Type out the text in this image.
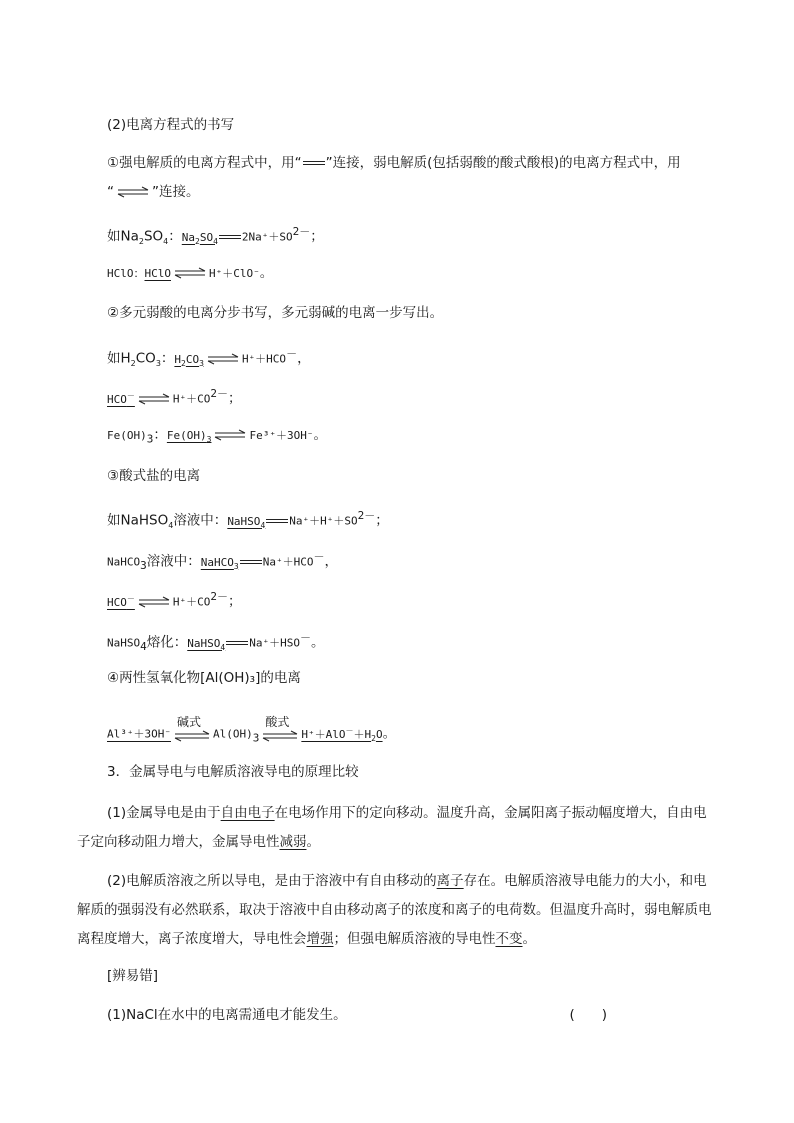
(2)电离方程式的书写
①强电解质的电离方程式中，用“ ”连接，弱电解质(包括弱酸的酸式酸根)的电离方程式中，用
“⇌”连接。
如$Na_2SO_4$：$Na_2SO_4$ $2Na^++SO^{2-}$；
HClO：HClO ⇌ H⁺＋ClO⁻。
②多元弱酸的电离分步书写，多元弱碱的电离一步写出。
如$H_2CO_3$：$H_2CO_3$ ⇌ H⁺＋HCO－，
HCO－ ⇌ $H^++CO^{2-}$；
$Fe(OH)_3$：$Fe(OH)_3$ ⇌ Fe³⁺＋3OH⁻。
③酸式盐的电离
如NaHSO$_4$溶液中：NaHSO$_4$ $Na^++H^++SO^{2-}$；
NaHCO$_3$溶液中：NaHCO$_3$ Na⁺＋HCO－，
HCO－ ⇌ $H^++CO^{2-}$；
NaHSO$_4$熔化：NaHSO$_4$ Na⁺＋HSO－。
④两性氢氧化物[Al(OH)₃]的电离
Al³⁺＋3OH⁻
碱式
$Al(OH)_3$
酸式
$H^++AlO^-+H_2O$。
3．金属导电与电解质溶液导电的原理比较
(1)金属导电是由于自由电子在电场作用下的定向移动。温度升高，金属阳离子振动幅度增大，自由电子定向移动阻力增大，金属导电性减弱。
(2)电解质溶液之所以导电，是由于溶液中有自由移动的离子存在。电解质溶液导电能力的大小，和电解质的强弱没有必然联系，取决于溶液中自由移动离子的浓度和离子的电荷数。但温度升高时，弱电解质电离程度增大，离子浓度增大，导电性会增强；但强电解质溶液的导电性不变。
[辨易错]
(1)NaCl在水中的电离需通电才能发生。	(　　)
